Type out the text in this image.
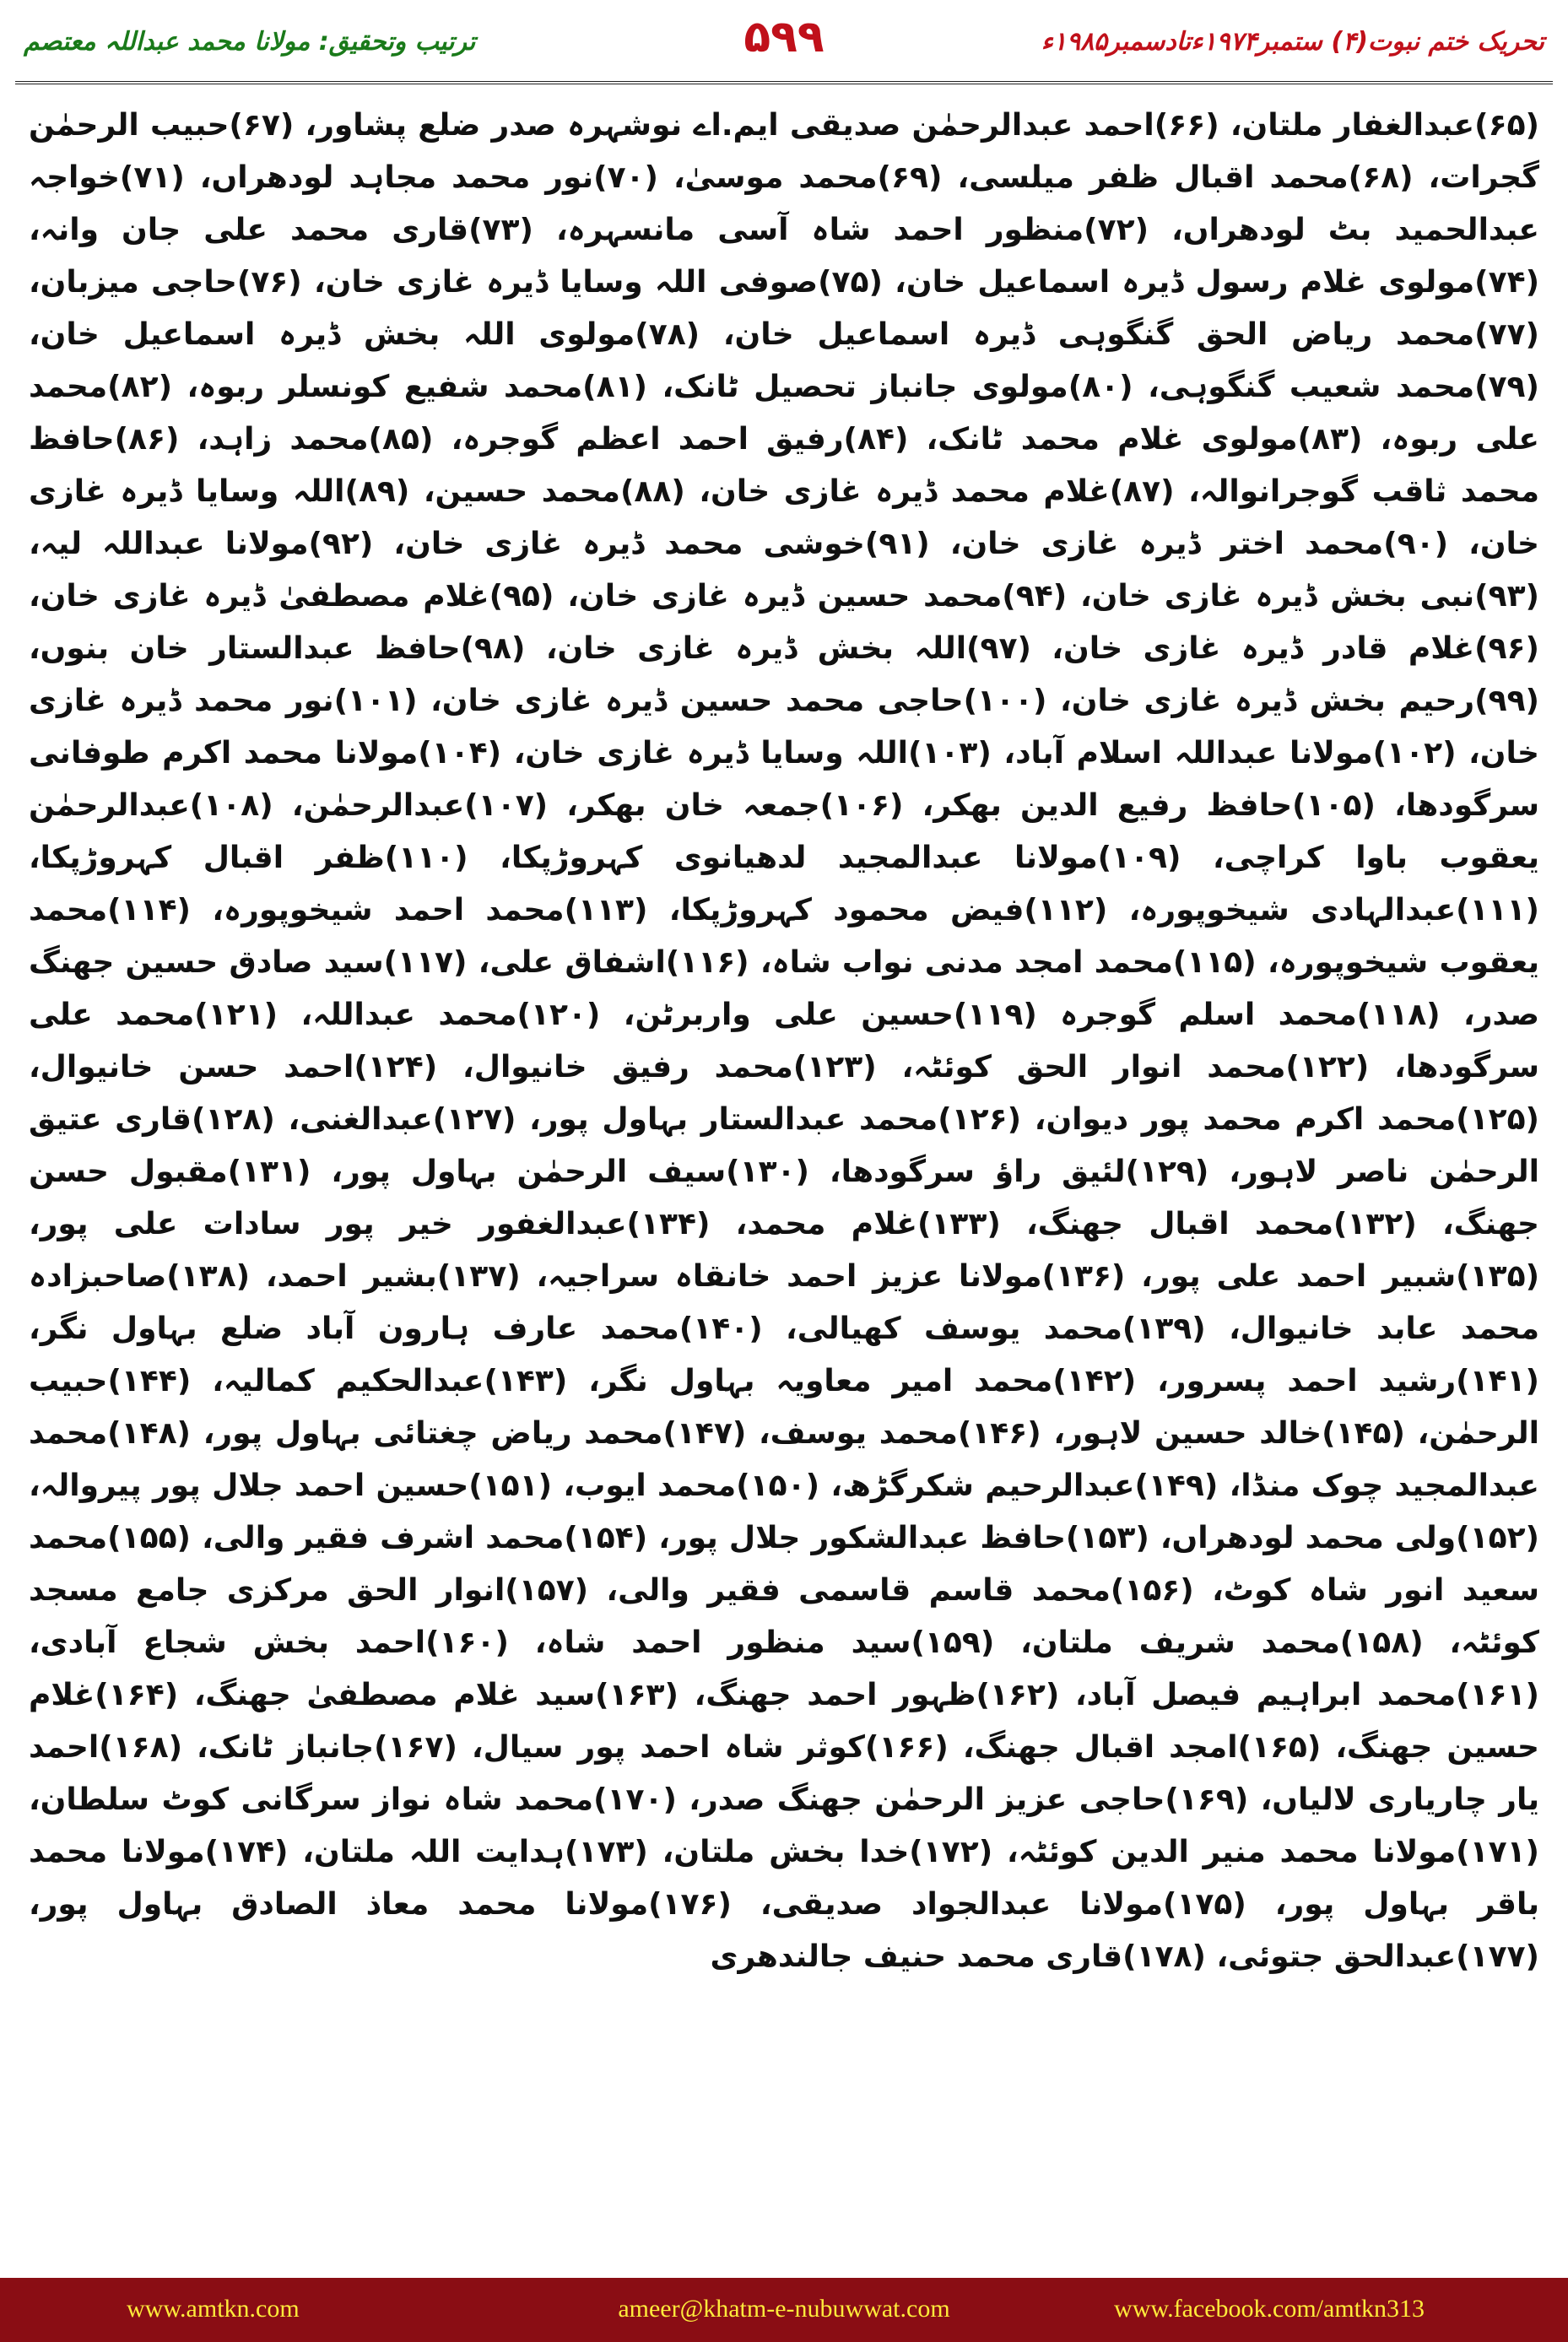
ترتیب وتحقیق: مولانا محمد عبداللہ معتصم	۵۹۹	تحریک ختم نبوت(۴) ستمبر۱۹۷۴ءتادسمبر۱۹۸۵ء
(۶۵)عبدالغفار ملتان، (۶۶)احمد عبدالرحمٰن صدیقی ایم.اے نوشہرہ صدر ضلع پشاور، (۶۷)حبیب الرحمٰن گجرات، (۶۸)محمد اقبال ظفر میلسی، (۶۹)محمد موسیٰ، (۷۰)نور محمد مجاہد لودھراں، (۷۱)خواجہ عبدالحمید بٹ لودھراں، (۷۲)منظور احمد شاہ آسی مانسہرہ، (۷۳)قاری محمد علی جان وانہ، (۷۴)مولوی غلام رسول ڈیرہ اسماعیل خان، (۷۵)صوفی اللہ وسایا ڈیرہ غازی خان، (۷۶)حاجی میزبان، (۷۷)محمد ریاض الحق گنگوہی ڈیرہ اسماعیل خان، (۷۸)مولوی اللہ بخش ڈیرہ اسماعیل خان، (۷۹)محمد شعیب گنگوہی، (۸۰)مولوی جانباز تحصیل ٹانک، (۸۱)محمد شفیع کونسلر ربوہ، (۸۲)محمد علی ربوہ، (۸۳)مولوی غلام محمد ٹانک، (۸۴)رفیق احمد اعظم گوجرہ، (۸۵)محمد زاہد، (۸۶)حافظ محمد ثاقب گوجرانوالہ، (۸۷)غلام محمد ڈیرہ غازی خان، (۸۸)محمد حسین، (۸۹)اللہ وسایا ڈیرہ غازی خان، (۹۰)محمد اختر ڈیرہ غازی خان، (۹۱)خوشی محمد ڈیرہ غازی خان، (۹۲)مولانا عبداللہ لیہ، (۹۳)نبی بخش ڈیرہ غازی خان، (۹۴)محمد حسین ڈیرہ غازی خان، (۹۵)غلام مصطفیٰ ڈیرہ غازی خان، (۹۶)غلام قادر ڈیرہ غازی خان، (۹۷)اللہ بخش ڈیرہ غازی خان، (۹۸)حافظ عبدالستار خان بنوں، (۹۹)رحیم بخش ڈیرہ غازی خان، (۱۰۰)حاجی محمد حسین ڈیرہ غازی خان، (۱۰۱)نور محمد ڈیرہ غازی خان، (۱۰۲)مولانا عبداللہ اسلام آباد، (۱۰۳)اللہ وسایا ڈیرہ غازی خان، (۱۰۴)مولانا محمد اکرم طوفانی سرگودھا، (۱۰۵)حافظ رفیع الدین بھکر، (۱۰۶)جمعہ خان بھکر، (۱۰۷)عبدالرحمٰن، (۱۰۸)عبدالرحمٰن یعقوب باوا کراچی، (۱۰۹)مولانا عبدالمجید لدھیانوی کہروڑپکا، (۱۱۰)ظفر اقبال کہروڑپکا، (۱۱۱)عبدالہادی شیخوپورہ، (۱۱۲)فیض محمود کہروڑپکا، (۱۱۳)محمد احمد شیخوپورہ، (۱۱۴)محمد یعقوب شیخوپورہ، (۱۱۵)محمد امجد مدنی نواب شاہ، (۱۱۶)اشفاق علی، (۱۱۷)سید صادق حسین جھنگ صدر، (۱۱۸)محمد اسلم گوجرہ (۱۱۹)حسین علی واربرٹن، (۱۲۰)محمد عبداللہ، (۱۲۱)محمد علی سرگودھا، (۱۲۲)محمد انوار الحق کوئٹہ، (۱۲۳)محمد رفیق خانیوال، (۱۲۴)احمد حسن خانیوال، (۱۲۵)محمد اکرم محمد پور دیوان، (۱۲۶)محمد عبدالستار بہاول پور، (۱۲۷)عبدالغنی، (۱۲۸)قاری عتیق الرحمٰن ناصر لاہور، (۱۲۹)لئیق راؤ سرگودھا، (۱۳۰)سیف الرحمٰن بہاول پور، (۱۳۱)مقبول حسن جھنگ، (۱۳۲)محمد اقبال جھنگ، (۱۳۳)غلام محمد، (۱۳۴)عبدالغفور خیر پور سادات علی پور، (۱۳۵)شبیر احمد علی پور، (۱۳۶)مولانا عزیز احمد خانقاہ سراجیہ، (۱۳۷)بشیر احمد، (۱۳۸)صاحبزادہ محمد عابد خانیوال، (۱۳۹)محمد یوسف کھیالی، (۱۴۰)محمد عارف ہارون آباد ضلع بہاول نگر، (۱۴۱)رشید احمد پسرور، (۱۴۲)محمد امیر معاویہ بہاول نگر، (۱۴۳)عبدالحکیم کمالیہ، (۱۴۴)حبیب الرحمٰن، (۱۴۵)خالد حسین لاہور، (۱۴۶)محمد یوسف، (۱۴۷)محمد ریاض چغتائی بہاول پور، (۱۴۸)محمد عبدالمجید چوک منڈا، (۱۴۹)عبدالرحیم شکرگڑھ، (۱۵۰)محمد ایوب، (۱۵۱)حسین احمد جلال پور پیروالہ، (۱۵۲)ولی محمد لودھراں، (۱۵۳)حافظ عبدالشکور جلال پور، (۱۵۴)محمد اشرف فقیر والی، (۱۵۵)محمد سعید انور شاہ کوٹ، (۱۵۶)محمد قاسم قاسمی فقیر والی، (۱۵۷)انوار الحق مرکزی جامع مسجد کوئٹہ، (۱۵۸)محمد شریف ملتان، (۱۵۹)سید منظور احمد شاہ، (۱۶۰)احمد بخش شجاع آبادی، (۱۶۱)محمد ابراہیم فیصل آباد، (۱۶۲)ظہور احمد جھنگ، (۱۶۳)سید غلام مصطفیٰ جھنگ، (۱۶۴)غلام حسین جھنگ، (۱۶۵)امجد اقبال جھنگ، (۱۶۶)کوثر شاہ احمد پور سیال، (۱۶۷)جانباز ٹانک، (۱۶۸)احمد یار چاریاری لالیاں، (۱۶۹)حاجی عزیز الرحمٰن جھنگ صدر، (۱۷۰)محمد شاہ نواز سرگانی کوٹ سلطان، (۱۷۱)مولانا محمد منیر الدین کوئٹہ، (۱۷۲)خدا بخش ملتان، (۱۷۳)ہدایت اللہ ملتان، (۱۷۴)مولانا محمد باقر بہاول پور، (۱۷۵)مولانا عبدالجواد صدیقی، (۱۷۶)مولانا محمد معاذ الصادق بہاول پور، (۱۷۷)عبدالحق جتوئی، (۱۷۸)قاری محمد حنیف جالندھری
www.amtkn.com	ameer@khatm-e-nubuwwat.com	www.facebook.com/amtkn313
